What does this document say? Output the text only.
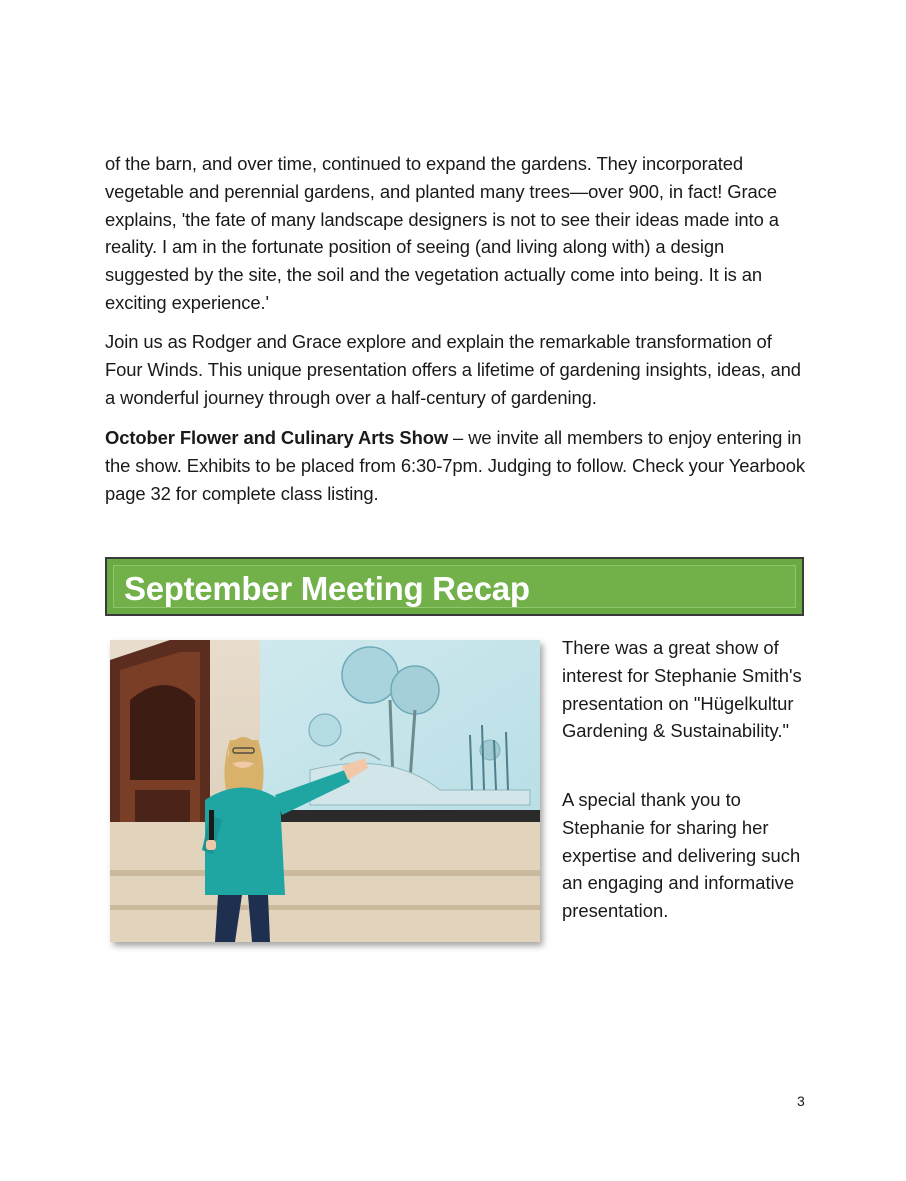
of the barn, and over time, continued to expand the gardens. They incorporated vegetable and perennial gardens, and planted many trees—over 900, in fact! Grace explains, 'the fate of many landscape designers is not to see their ideas made into a reality. I am in the fortunate position of seeing (and living along with) a design suggested by the site, the soil and the vegetation actually come into being. It is an exciting experience.'

Join us as Rodger and Grace explore and explain the remarkable transformation of Four Winds. This unique presentation offers a lifetime of gardening insights, ideas, and a wonderful journey through over a half-century of gardening.

October Flower and Culinary Arts Show – we invite all members to enjoy entering in the show. Exhibits to be placed from 6:30-7pm. Judging to follow. Check your Yearbook page 32 for complete class listing.

September Meeting Recap

There was a great show of interest for Stephanie Smith's presentation on "Hügelkultur Gardening & Sustainability."

A special thank you to Stephanie for sharing her expertise and delivering such an engaging and informative presentation.

3
